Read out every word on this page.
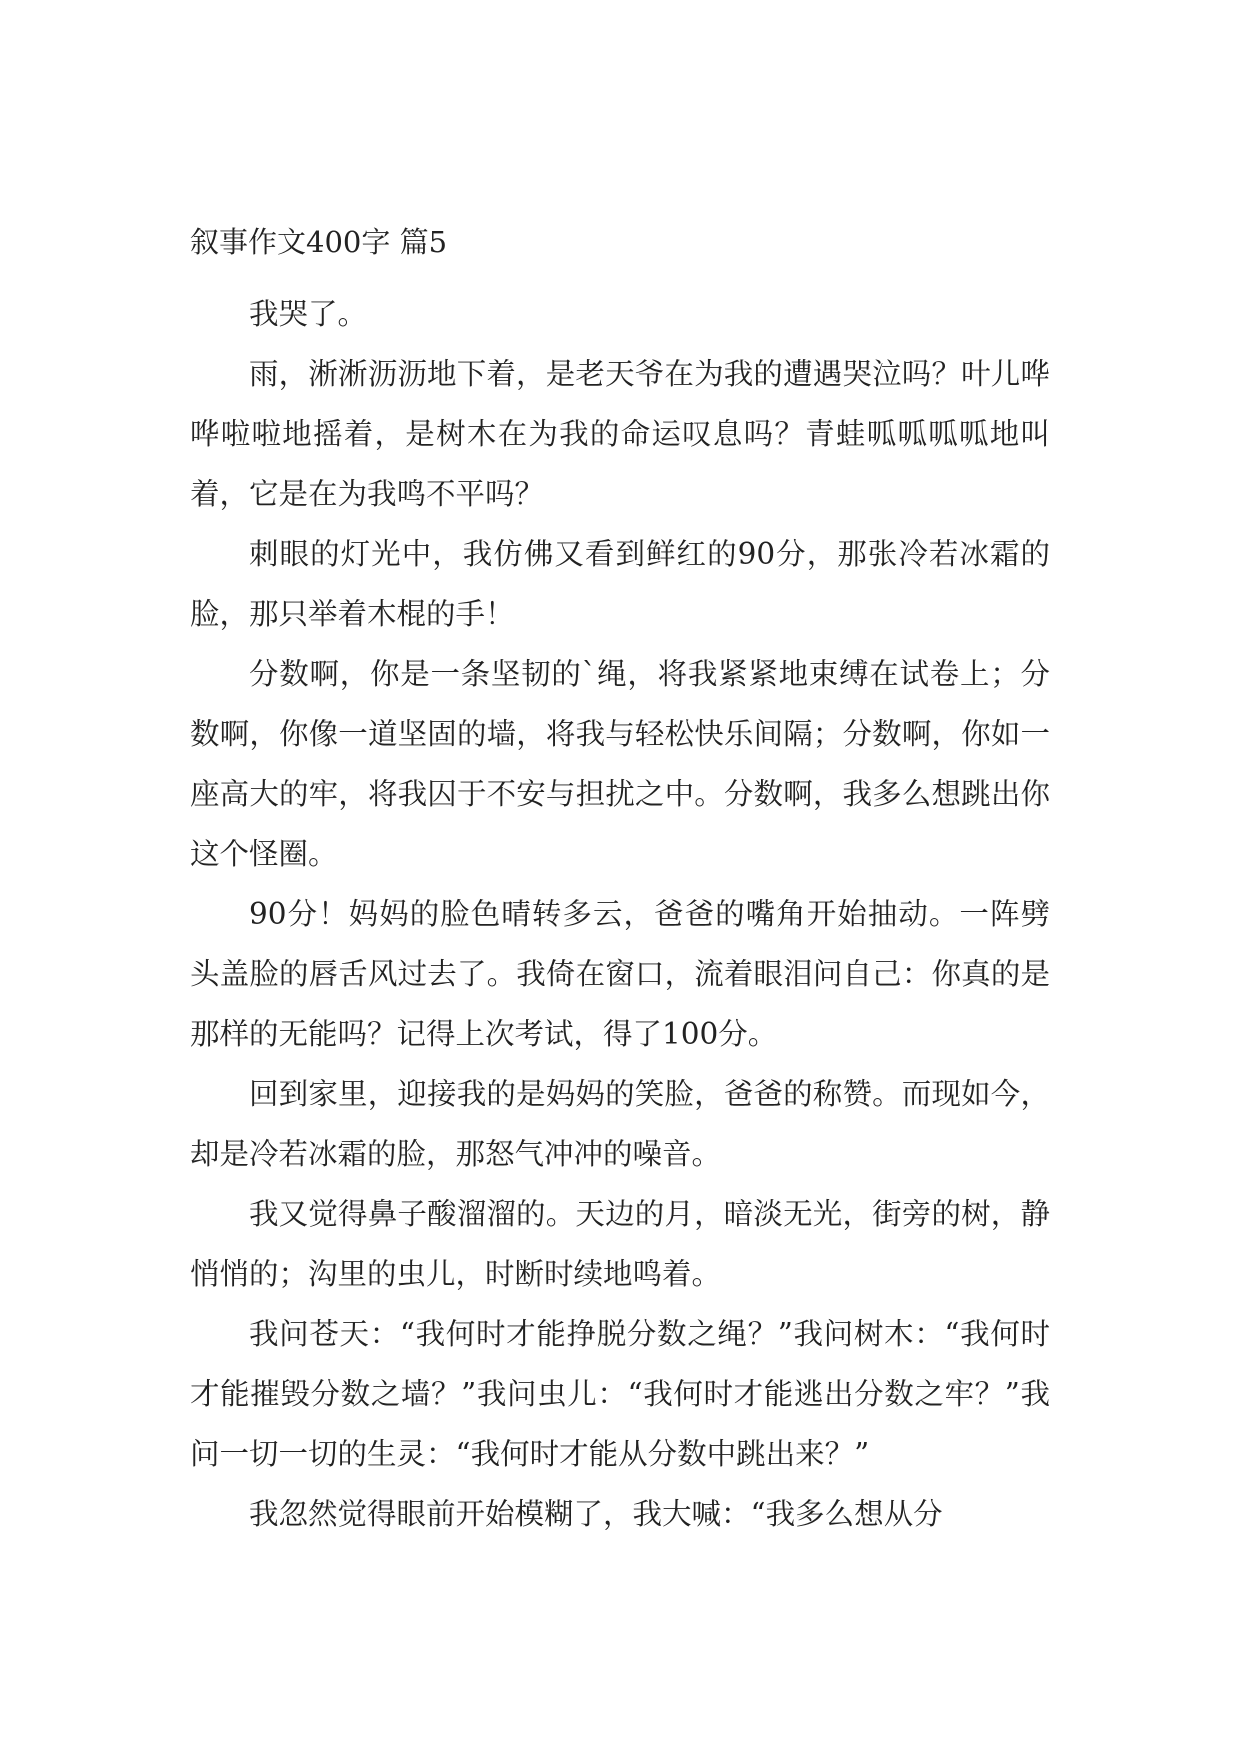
叙事作文400字 篇5

我哭了。

雨，淅淅沥沥地下着，是老天爷在为我的遭遇哭泣吗？叶儿哗哗啦啦地摇着，是树木在为我的命运叹息吗？青蛙呱呱呱呱地叫着，它是在为我鸣不平吗？

刺眼的灯光中，我仿佛又看到鲜红的90分，那张冷若冰霜的脸，那只举着木棍的手！

分数啊，你是一条坚韧的`绳，将我紧紧地束缚在试卷上；分数啊，你像一道坚固的墙，将我与轻松快乐间隔；分数啊，你如一座高大的牢，将我囚于不安与担扰之中。分数啊，我多么想跳出你这个怪圈。

90分！妈妈的脸色晴转多云，爸爸的嘴角开始抽动。一阵劈头盖脸的唇舌风过去了。我倚在窗口，流着眼泪问自己：你真的是那样的无能吗？记得上次考试，得了100分。

回到家里，迎接我的是妈妈的笑脸，爸爸的称赞。而现如今，却是冷若冰霜的脸，那怒气冲冲的噪音。

我又觉得鼻子酸溜溜的。天边的月，暗淡无光，街旁的树，静悄悄的；沟里的虫儿，时断时续地鸣着。

我问苍天：“我何时才能挣脱分数之绳？”我问树木：“我何时才能摧毁分数之墙？”我问虫儿：“我何时才能逃出分数之牢？”我问一切一切的生灵：“我何时才能从分数中跳出来？”

我忽然觉得眼前开始模糊了，我大喊：“我多么想从分
